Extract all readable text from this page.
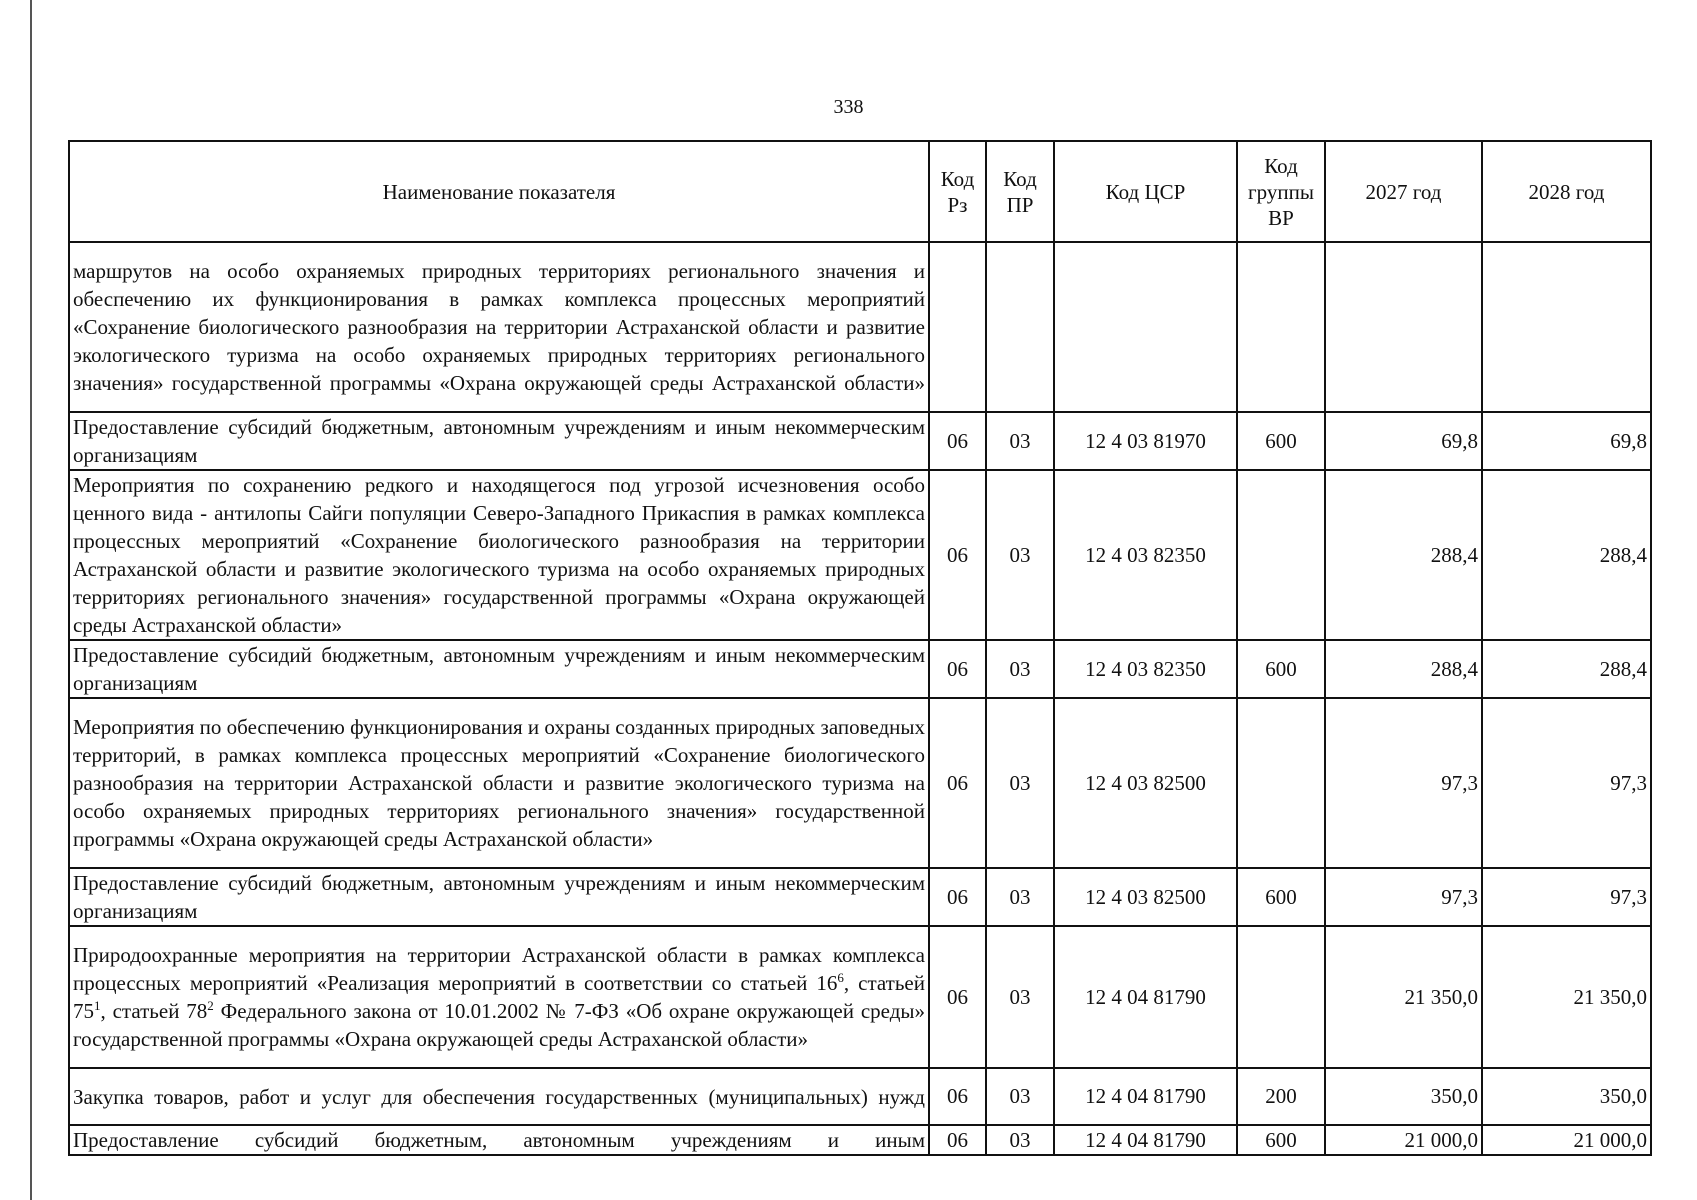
338
Наименование показателя	Код Рз	Код ПР	Код ЦСР	Код группы ВР	2027 год	2028 год
маршрутов на особо охраняемых природных территориях регионального значения и обеспечению их функционирования в рамках комплекса процессных мероприятий «Сохранение биологического разнообразия на территории Астраханской области и развитие экологического туризма на особо охраняемых природных территориях регионального значения» государственной программы «Охрана окружающей среды Астраханской области»						
Предоставление субсидий бюджетным, автономным учреждениям и иным некоммерческим организациям	06	03	12 4 03 81970	600	69,8	69,8
Мероприятия по сохранению редкого и находящегося под угрозой исчезновения особо ценного вида - антилопы Сайги популяции Северо-Западного Прикаспия в рамках комплекса процессных мероприятий «Сохранение биологического разнообразия на территории Астраханской области и развитие экологического туризма на особо охраняемых природных территориях регионального значения» государственной программы «Охрана окружающей среды Астраханской области»	06	03	12 4 03 82350		288,4	288,4
Предоставление субсидий бюджетным, автономным учреждениям и иным некоммерческим организациям	06	03	12 4 03 82350	600	288,4	288,4
Мероприятия по обеспечению функционирования и охраны созданных природных заповедных территорий, в рамках комплекса процессных мероприятий «Сохранение биологического разнообразия на территории Астраханской области и развитие экологического туризма на особо охраняемых природных территориях регионального значения» государственной программы «Охрана окружающей среды Астраханской области»	06	03	12 4 03 82500		97,3	97,3
Предоставление субсидий бюджетным, автономным учреждениям и иным некоммерческим организациям	06	03	12 4 03 82500	600	97,3	97,3
Природоохранные мероприятия на территории Астраханской области в рамках комплекса процессных мероприятий «Реализация мероприятий в соответствии со статьей $16^6$, статьей $75^1$, статьей $78^2$ Федерального закона от 10.01.2002 № 7-ФЗ «Об охране окружающей среды» государственной программы «Охрана окружающей среды Астраханской области»	06	03	12 4 04 81790		21 350,0	21 350,0
Закупка товаров, работ и услуг для обеспечения государственных (муниципальных) нужд	06	03	12 4 04 81790	200	350,0	350,0
Предоставление субсидий бюджетным, автономным учреждениям и иным	06	03	12 4 04 81790	600	21 000,0	21 000,0
